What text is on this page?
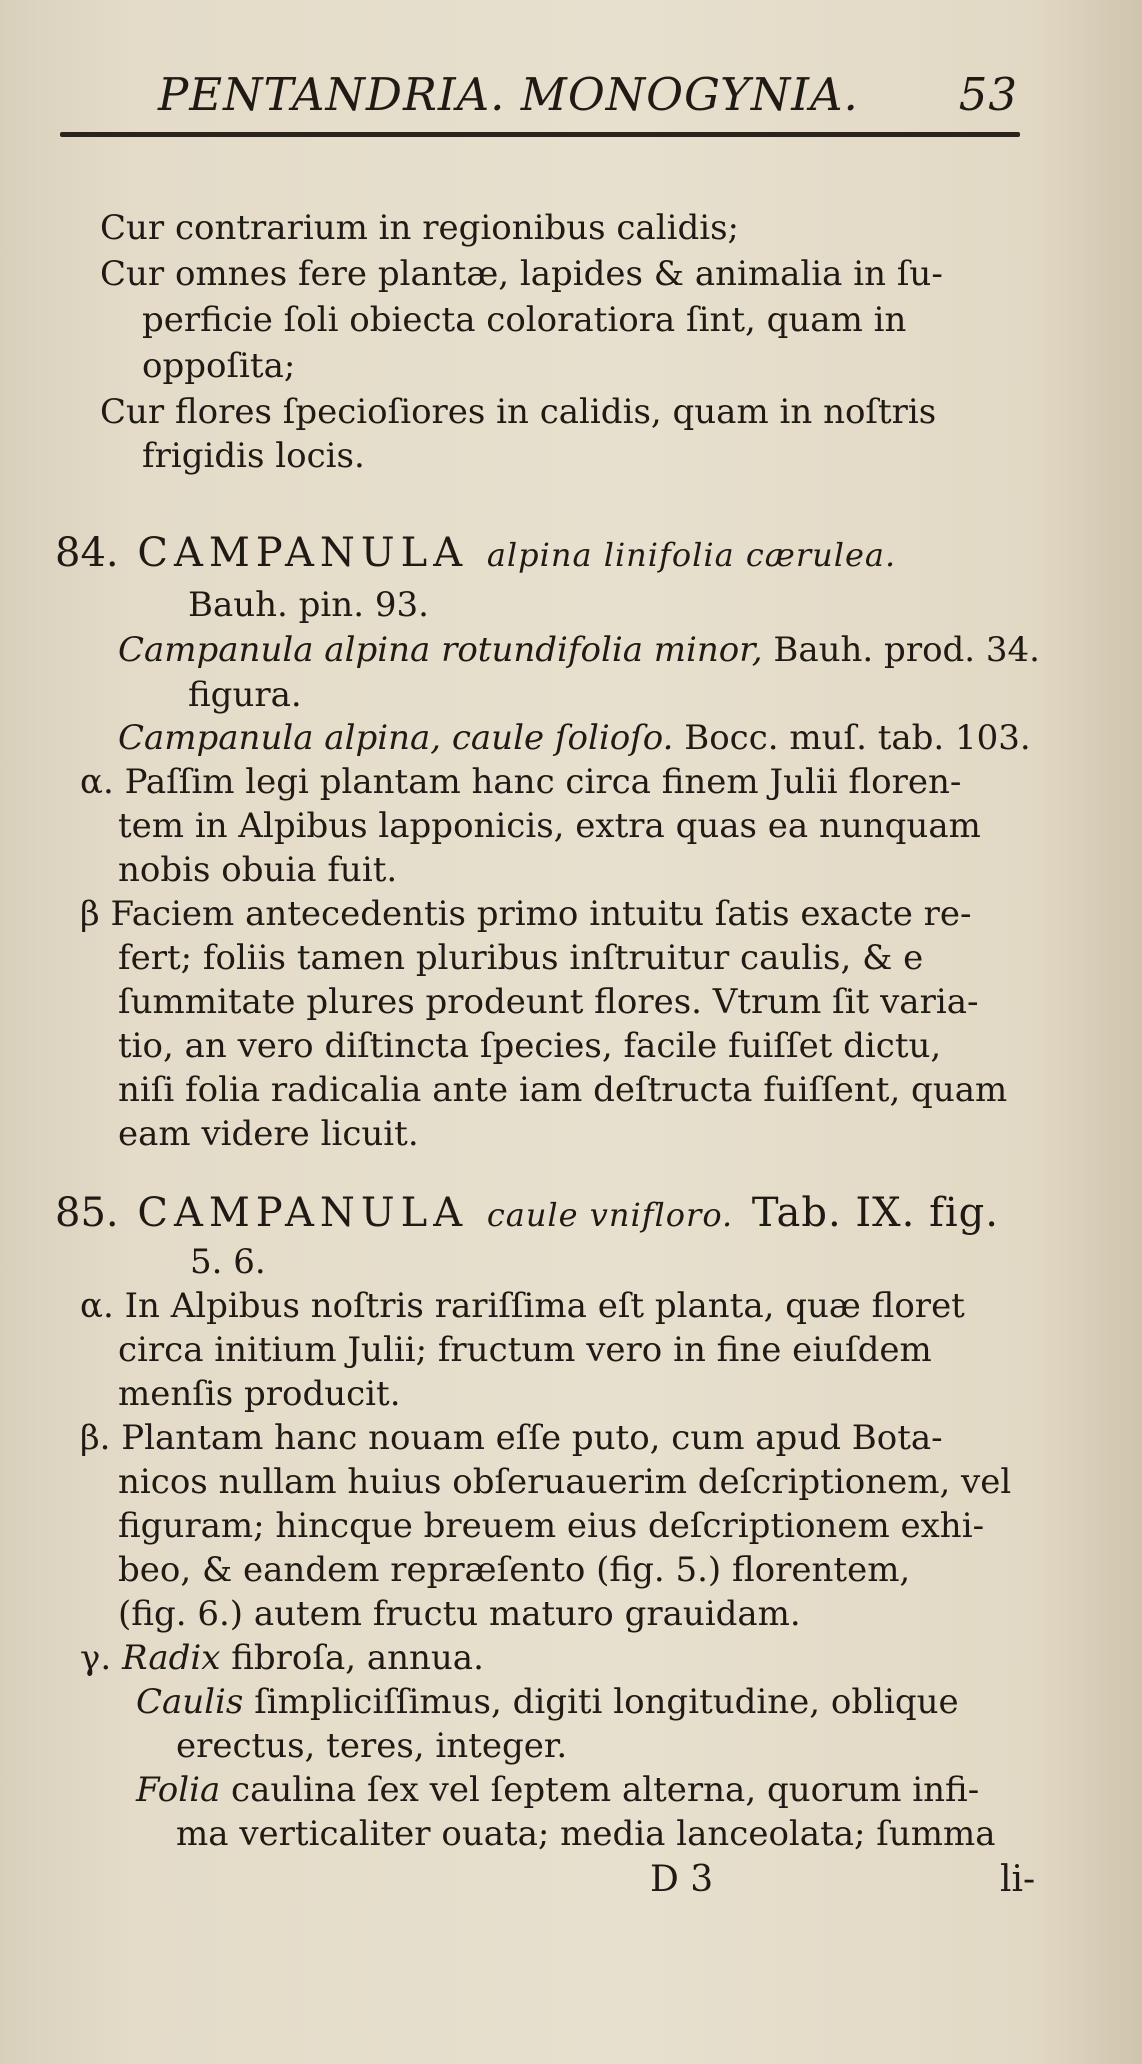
PENTANDRIA. MONOGYNIA. 53
Cur contrarium in regionibus calidis;
Cur omnes fere plantæ, lapides & animalia in ſu-
perficie ſoli obiecta coloratiora ſint, quam in
oppoſita;
Cur flores ſpecioſiores in calidis, quam in noſtris
frigidis locis.
84. CAMPANULA alpina linifolia cærulea.
Bauh. pin. 93.
Campanula alpina rotundifolia minor, Bauh. prod. 34.
figura.
Campanula alpina, caule ſolioſo. Bocc. muſ. tab. 103.
α. Paſſim legi plantam hanc circa finem Julii floren-
tem in Alpibus lapponicis, extra quas ea nunquam
nobis obuia fuit.
β Faciem antecedentis primo intuitu ſatis exacte re-
fert; foliis tamen pluribus inſtruitur caulis, & e
ſummitate plures prodeunt flores. Vtrum ſit varia-
tio, an vero diſtincta ſpecies, facile fuiſſet dictu,
niſi folia radicalia ante iam deſtructa fuiſſent, quam
eam videre licuit.
85. CAMPANULA caule vnifloro. Tab. IX. fig.
5. 6.
α. In Alpibus noſtris rariſſima eſt planta, quæ floret
circa initium Julii; fructum vero in fine eiuſdem
menſis producit.
β. Plantam hanc nouam eſſe puto, cum apud Bota-
nicos nullam huius obſeruauerim deſcriptionem, vel
figuram; hincque breuem eius deſcriptionem exhi-
beo, & eandem repræſento (fig. 5.) florentem,
(fig. 6.) autem fructu maturo grauidam.
γ. Radix fibroſa, annua.
Caulis ſimpliciſſimus, digiti longitudine, oblique
erectus, teres, integer.
Folia caulina ſex vel ſeptem alterna, quorum infi-
ma verticaliter ouata; media lanceolata; ſumma
D 3	li-
